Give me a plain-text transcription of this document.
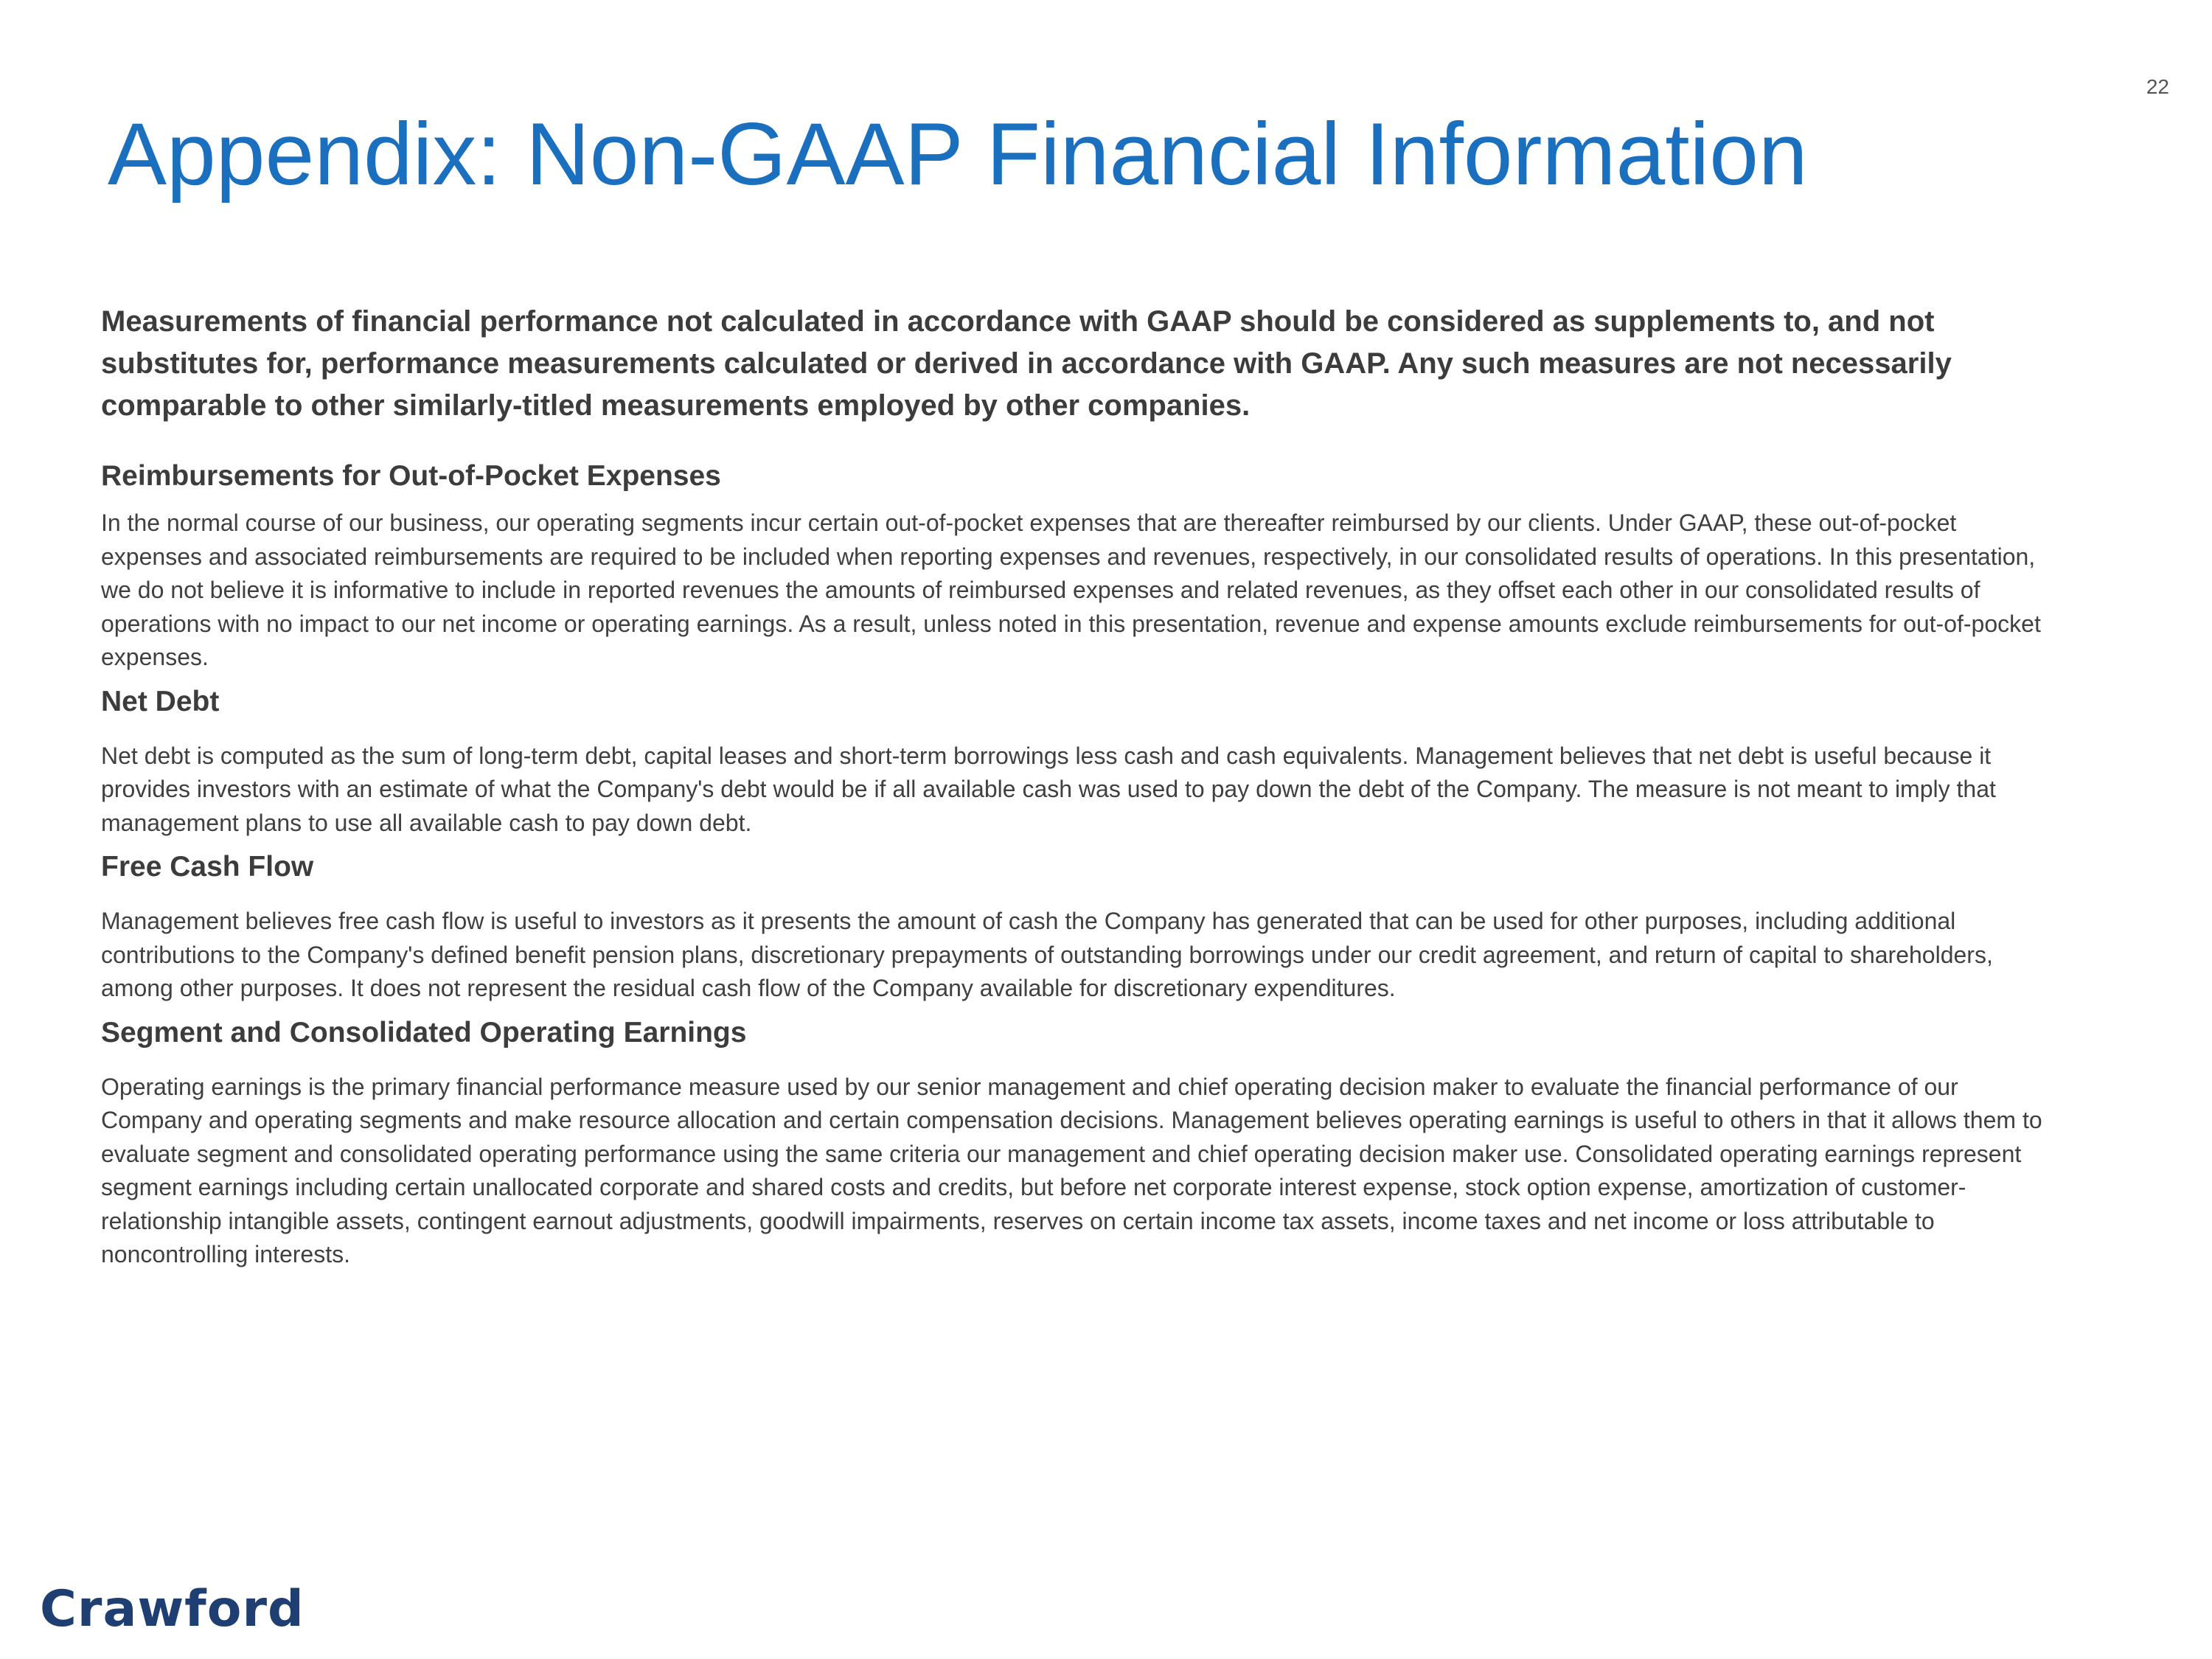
22
Appendix: Non-GAAP Financial Information

Measurements of financial performance not calculated in accordance with GAAP should be considered as supplements to, and not substitutes for, performance measurements calculated or derived in accordance with GAAP. Any such measures are not necessarily comparable to other similarly-titled measurements employed by other companies.

Reimbursements for Out-of-Pocket Expenses

In the normal course of our business, our operating segments incur certain out-of-pocket expenses that are thereafter reimbursed by our clients. Under GAAP, these out-of-pocket expenses and associated reimbursements are required to be included when reporting expenses and revenues, respectively, in our consolidated results of operations. In this presentation, we do not believe it is informative to include in reported revenues the amounts of reimbursed expenses and related revenues, as they offset each other in our consolidated results of operations with no impact to our net income or operating earnings. As a result, unless noted in this presentation, revenue and expense amounts exclude reimbursements for out-of-pocket expenses.

Net Debt

Net debt is computed as the sum of long-term debt, capital leases and short-term borrowings less cash and cash equivalents. Management believes that net debt is useful because it provides investors with an estimate of what the Company's debt would be if all available cash was used to pay down the debt of the Company. The measure is not meant to imply that management plans to use all available cash to pay down debt.

Free Cash Flow

Management believes free cash flow is useful to investors as it presents the amount of cash the Company has generated that can be used for other purposes, including additional contributions to the Company's defined benefit pension plans, discretionary prepayments of outstanding borrowings under our credit agreement, and return of capital to shareholders, among other purposes. It does not represent the residual cash flow of the Company available for discretionary expenditures.

Segment and Consolidated Operating Earnings

Operating earnings is the primary financial performance measure used by our senior management and chief operating decision maker to evaluate the financial performance of our Company and operating segments and make resource allocation and certain compensation decisions. Management believes operating earnings is useful to others in that it allows them to evaluate segment and consolidated operating performance using the same criteria our management and chief operating decision maker use. Consolidated operating earnings represent segment earnings including certain unallocated corporate and shared costs and credits, but before net corporate interest expense, stock option expense, amortization of customer-relationship intangible assets, contingent earnout adjustments, goodwill impairments, reserves on certain income tax assets, income taxes and net income or loss attributable to noncontrolling interests.

Crawford
